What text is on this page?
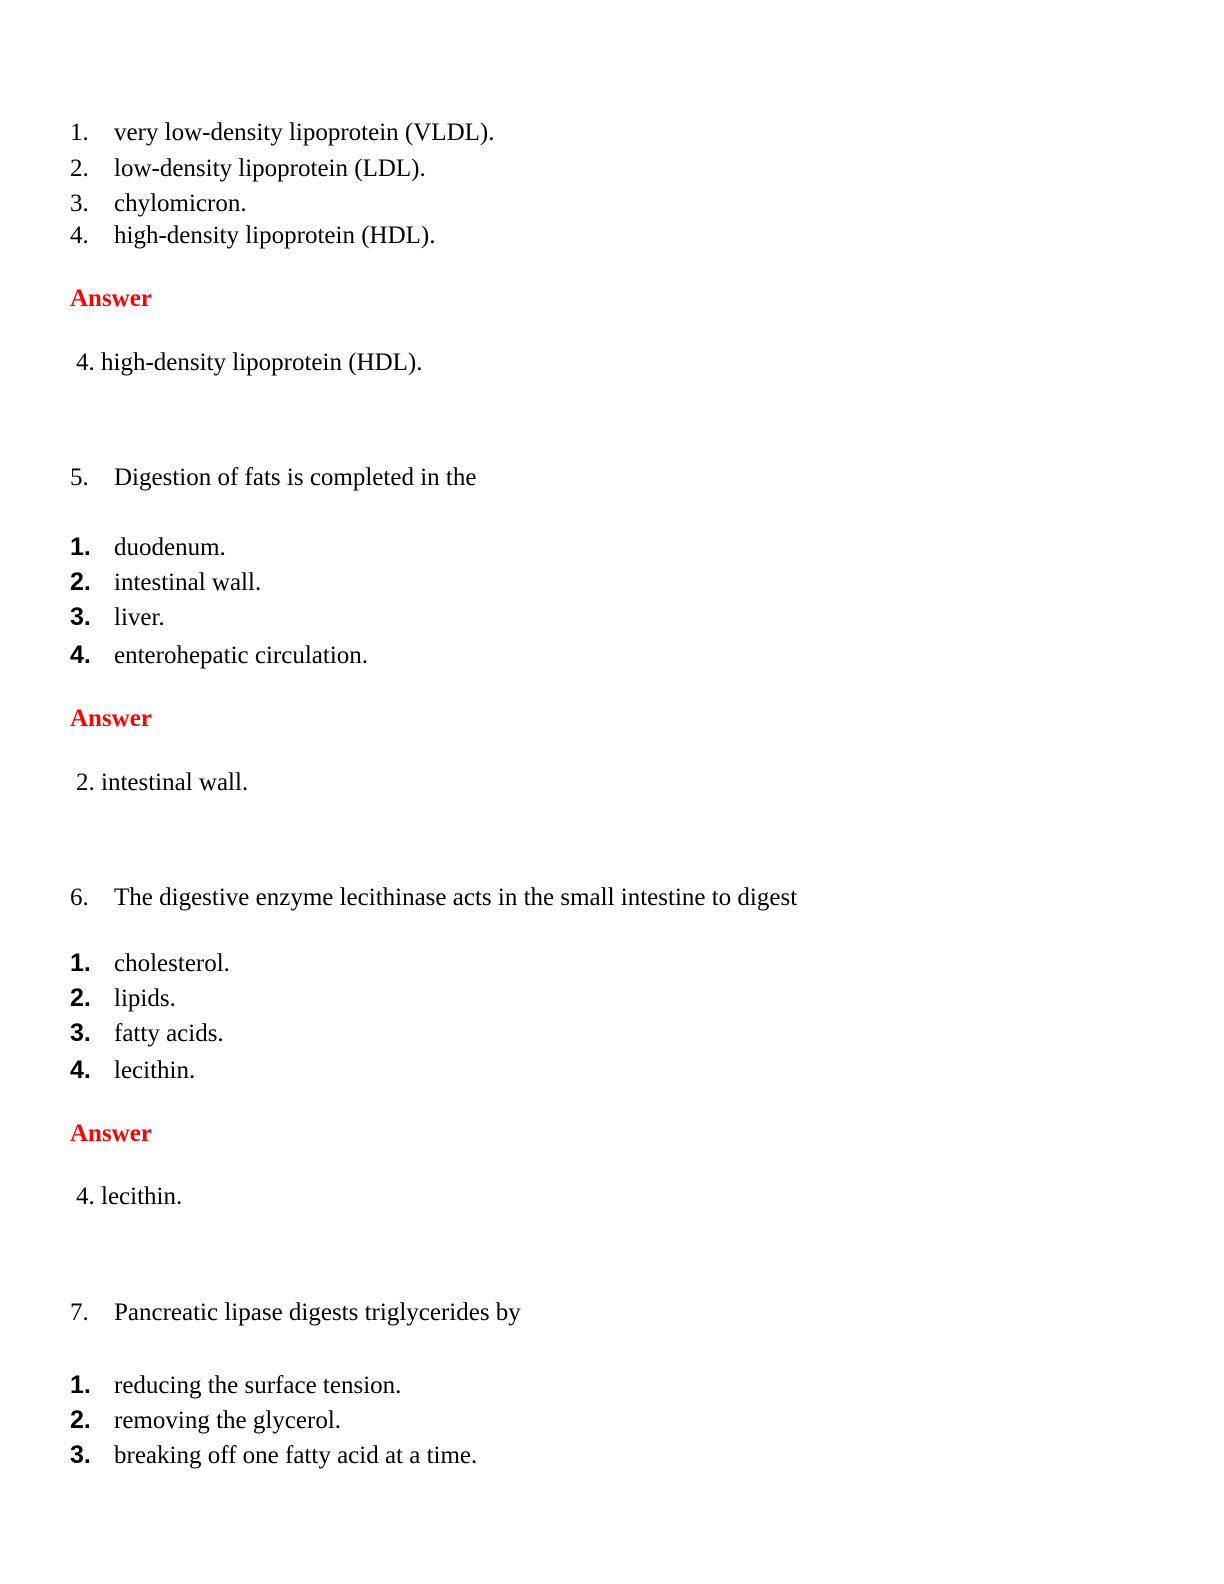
1. very low-density lipoprotein (VLDL).
2. low-density lipoprotein (LDL).
3. chylomicron.
4. high-density lipoprotein (HDL).
Answer
4. high-density lipoprotein (HDL).
5. Digestion of fats is completed in the
1. duodenum.
2. intestinal wall.
3. liver.
4. enterohepatic circulation.
Answer
2. intestinal wall.
6. The digestive enzyme lecithinase acts in the small intestine to digest
1. cholesterol.
2. lipids.
3. fatty acids.
4. lecithin.
Answer
4. lecithin.
7. Pancreatic lipase digests triglycerides by
1. reducing the surface tension.
2. removing the glycerol.
3. breaking off one fatty acid at a time.
